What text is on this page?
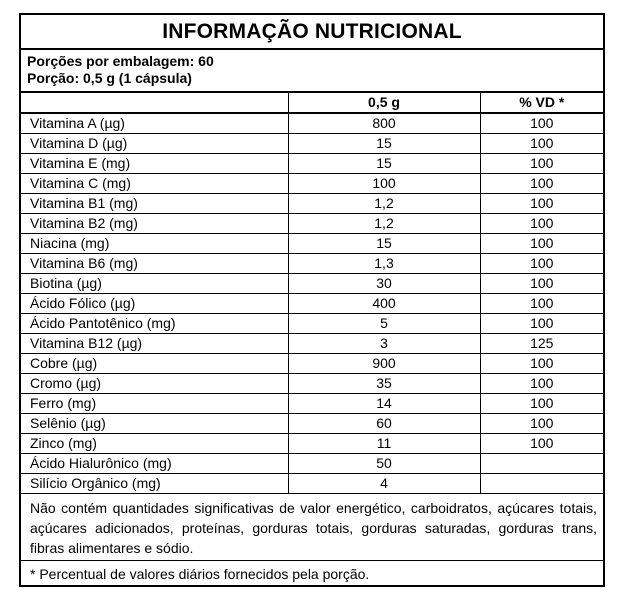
INFORMAÇÃO NUTRICIONAL
Porções por embalagem: 60
Porção: 0,5 g (1 cápsula)
	0,5 g	% VD *
Vitamina A (µg)	800	100
Vitamina D (µg)	15	100
Vitamina E (mg)	15	100
Vitamina C (mg)	100	100
Vitamina B1 (mg)	1,2	100
Vitamina B2 (mg)	1,2	100
Niacina (mg)	15	100
Vitamina B6 (mg)	1,3	100
Biotina (µg)	30	100
Ácido Fólico (µg)	400	100
Ácido Pantotênico (mg)	5	100
Vitamina B12 (µg)	3	125
Cobre (µg)	900	100
Cromo (µg)	35	100
Ferro (mg)	14	100
Selênio (µg)	60	100
Zinco (mg)	11	100
Ácido Hialurônico (mg)	50	
Silício Orgânico (mg)	4	
Não contém quantidades significativas de valor energético, carboidratos, açúcares totais, açúcares adicionados, proteínas, gorduras totais, gorduras saturadas, gorduras trans, fibras alimentares e sódio.
* Percentual de valores diários fornecidos pela porção.
